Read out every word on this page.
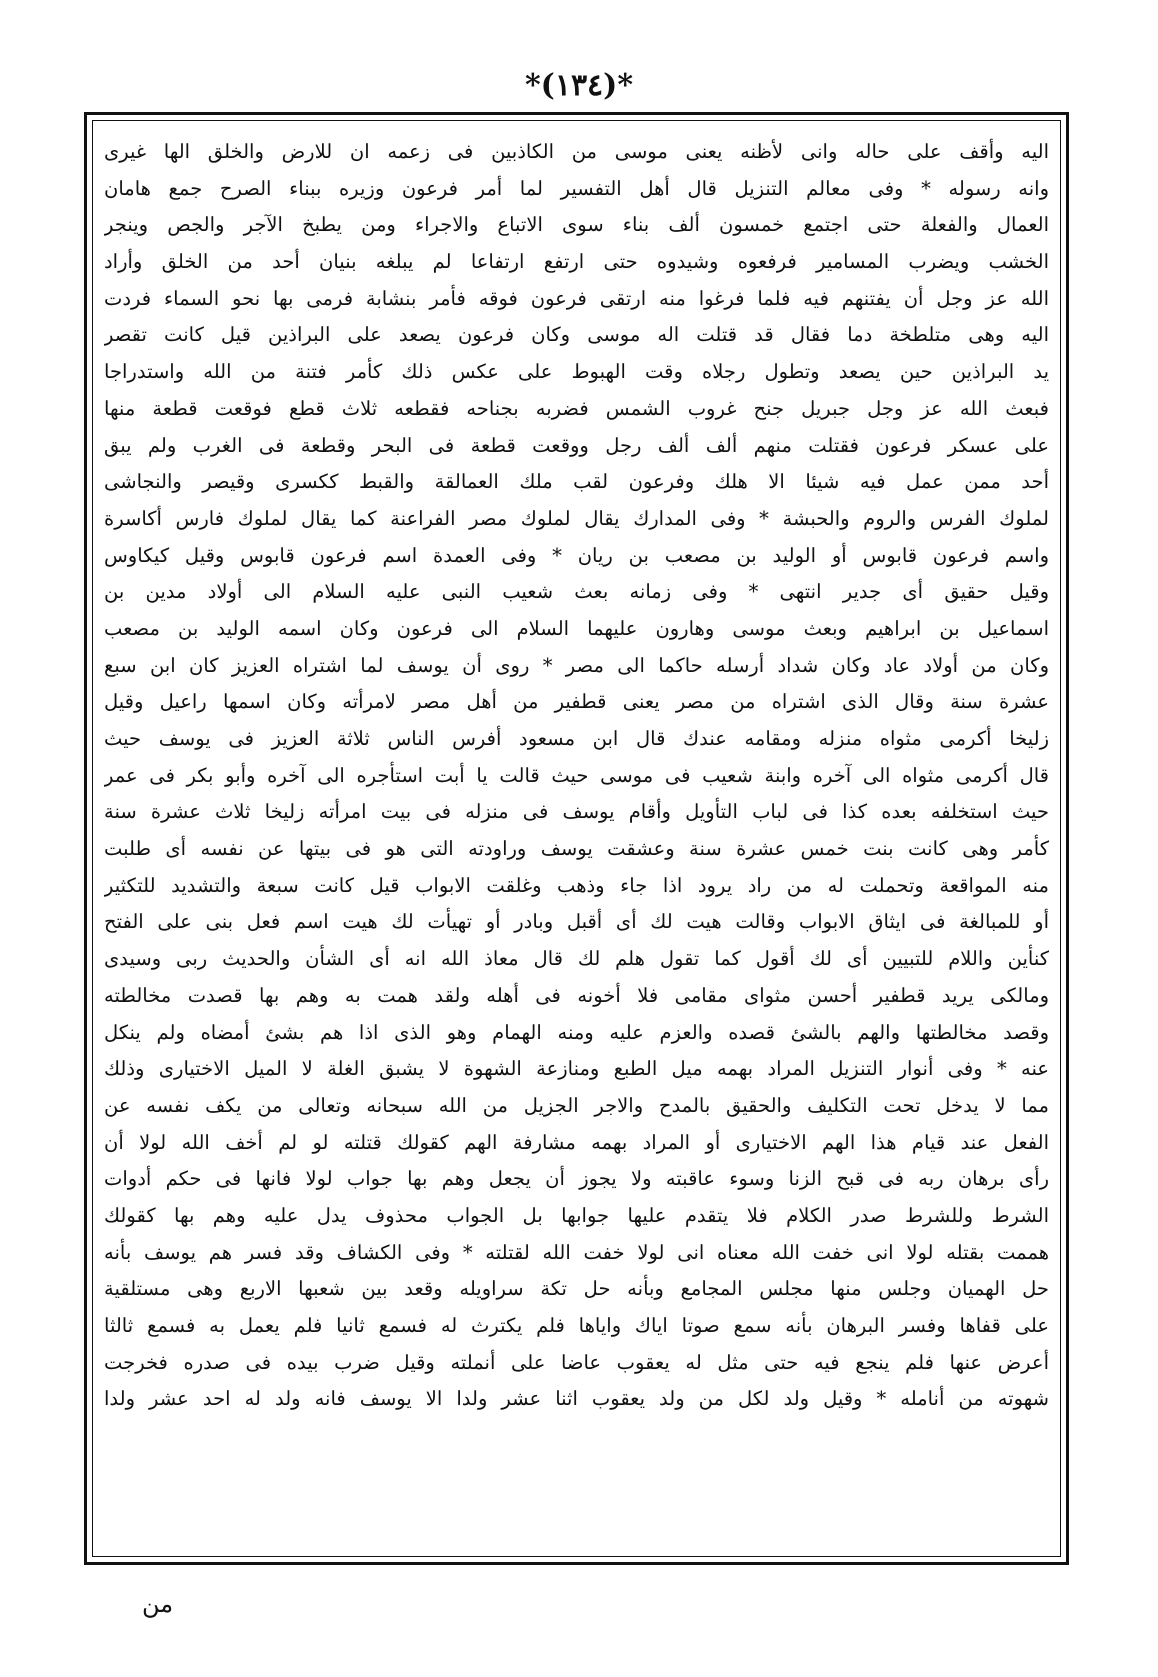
*(١٣٤)*
اليه وأقف على حاله وانى لأظنه يعنى موسى من الكاذبين فى زعمه ان للارض والخلق الها غيرى
وانه رسوله * وفى معالم التنزيل قال أهل التفسير لما أمر فرعون وزيره ببناء الصرح جمع هامان
العمال والفعلة حتى اجتمع خمسون ألف بناء سوى الاتباع والاجراء ومن يطبخ الآجر والجص وينجر
الخشب ويضرب المسامير فرفعوه وشيدوه حتى ارتفع ارتفاعا لم يبلغه بنيان أحد من الخلق وأراد
الله عز وجل أن يفتنهم فيه فلما فرغوا منه ارتقى فرعون فوقه فأمر بنشابة فرمى بها نحو السماء فردت
اليه وهى متلطخة دما فقال قد قتلت اله موسى وكان فرعون يصعد على البراذين قيل كانت تقصر
يد البراذين حين يصعد وتطول رجلاه وقت الهبوط على عكس ذلك كأمر فتنة من الله واستدراجا
فبعث الله عز وجل جبريل جنح غروب الشمس فضربه بجناحه فقطعه ثلاث قطع فوقعت قطعة منها
على عسكر فرعون فقتلت منهم ألف ألف رجل ووقعت قطعة فى البحر وقطعة فى الغرب ولم يبق
أحد ممن عمل فيه شيئا الا هلك وفرعون لقب ملك العمالقة والقبط ككسرى وقيصر والنجاشى
لملوك الفرس والروم والحبشة * وفى المدارك يقال لملوك مصر الفراعنة كما يقال لملوك فارس أكاسرة
واسم فرعون قابوس أو الوليد بن مصعب بن ريان * وفى العمدة اسم فرعون قابوس وقيل كيكاوس
وقيل حقيق أى جدير انتهى * وفى زمانه بعث شعيب النبى عليه السلام الى أولاد مدين بن
اسماعيل بن ابراهيم وبعث موسى وهارون عليهما السلام الى فرعون وكان اسمه الوليد بن مصعب
وكان من أولاد عاد وكان شداد أرسله حاكما الى مصر * روى أن يوسف لما اشتراه العزيز كان ابن سبع
عشرة سنة وقال الذى اشتراه من مصر يعنى قطفير من أهل مصر لامرأته وكان اسمها راعيل وقيل
زليخا أكرمى مثواه منزله ومقامه عندك قال ابن مسعود أفرس الناس ثلاثة العزيز فى يوسف حيث
قال أكرمى مثواه الى آخره وابنة شعيب فى موسى حيث قالت يا أبت استأجره الى آخره وأبو بكر فى عمر
حيث استخلفه بعده كذا فى لباب التأويل وأقام يوسف فى منزله فى بيت امرأته زليخا ثلاث عشرة سنة
كأمر وهى كانت بنت خمس عشرة سنة وعشقت يوسف وراودته التى هو فى بيتها عن نفسه أى طلبت
منه المواقعة وتحملت له من راد يرود اذا جاء وذهب وغلقت الابواب قيل كانت سبعة والتشديد للتكثير
أو للمبالغة فى ايثاق الابواب وقالت هيت لك أى أقبل وبادر أو تهيأت لك هيت اسم فعل بنى على الفتح
كنأين واللام للتبيين أى لك أقول كما تقول هلم لك قال معاذ الله انه أى الشأن والحديث ربى وسيدى
ومالكى يريد قطفير أحسن مثواى مقامى فلا أخونه فى أهله ولقد همت به وهم بها قصدت مخالطته
وقصد مخالطتها والهم بالشئ قصده والعزم عليه ومنه الهمام وهو الذى اذا هم بشئ أمضاه ولم ينكل
عنه * وفى أنوار التنزيل المراد بهمه ميل الطبع ومنازعة الشهوة لا يشبق الغلة لا الميل الاختيارى وذلك
مما لا يدخل تحت التكليف والحقيق بالمدح والاجر الجزيل من الله سبحانه وتعالى من يكف نفسه عن
الفعل عند قيام هذا الهم الاختيارى أو المراد بهمه مشارفة الهم كقولك قتلته لو لم أخف الله لولا أن
رأى برهان ربه فى قبح الزنا وسوء عاقبته ولا يجوز أن يجعل وهم بها جواب لولا فانها فى حكم أدوات
الشرط وللشرط صدر الكلام فلا يتقدم عليها جوابها بل الجواب محذوف يدل عليه وهم بها كقولك
هممت بقتله لولا انى خفت الله معناه انى لولا خفت الله لقتلته * وفى الكشاف وقد فسر هم يوسف بأنه
حل الهميان وجلس منها مجلس المجامع وبأنه حل تكة سراويله وقعد بين شعبها الاربع وهى مستلقية
على قفاها وفسر البرهان بأنه سمع صوتا اياك واياها فلم يكترث له فسمع ثانيا فلم يعمل به فسمع ثالثا
أعرض عنها فلم ينجع فيه حتى مثل له يعقوب عاضا على أنملته وقيل ضرب بيده فى صدره فخرجت
شهوته من أنامله * وقيل ولد لكل من ولد يعقوب اثنا عشر ولدا الا يوسف فانه ولد له احد عشر ولدا
من
